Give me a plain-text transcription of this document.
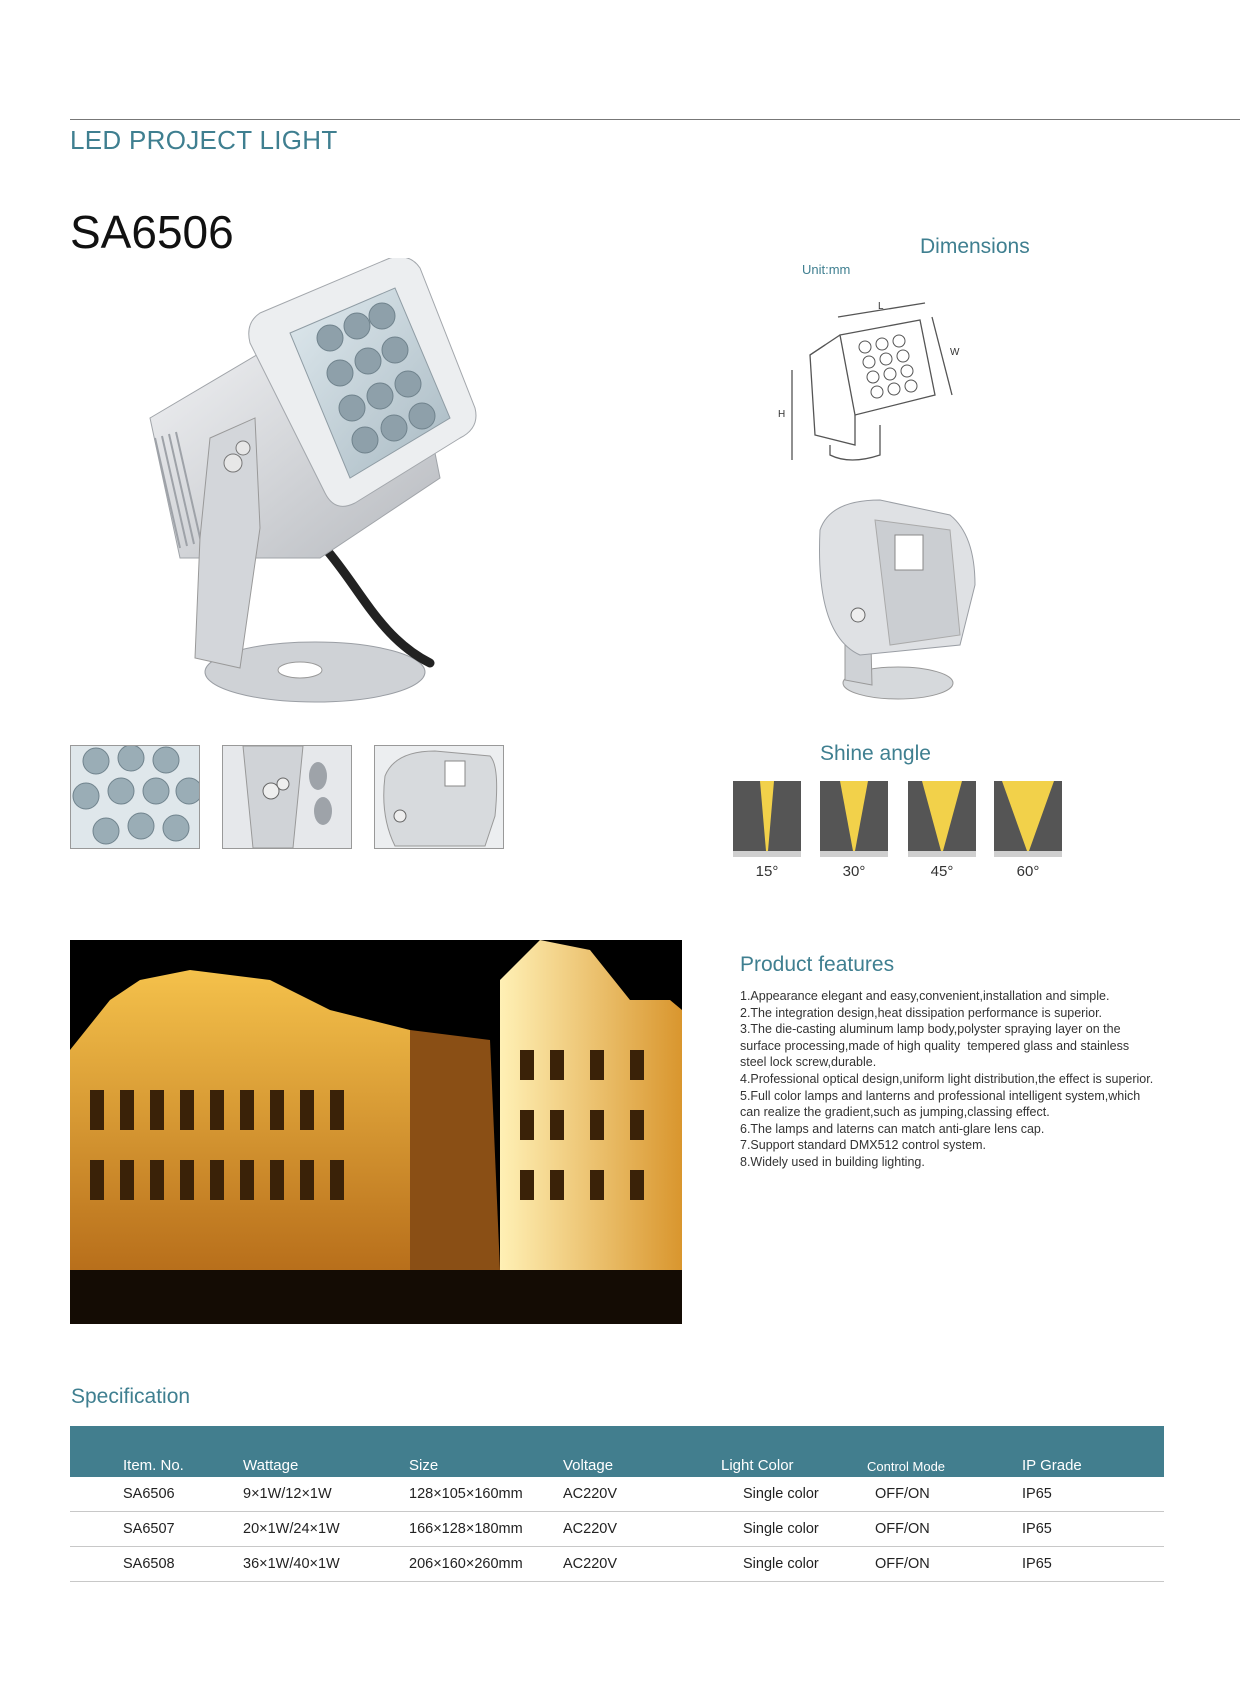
LED PROJECT LIGHT
SA6506	Dimensions
Unit:mm
L
W
H
Shine angle
15°	30°	45°	60°
Product features
1.Appearance elegant and easy,convenient,installation and simple.
2.The integration design,heat dissipation performance is superior.
3.The die-casting aluminum lamp body,polyster spraying layer on the
surface processing,made of high quality  tempered glass and stainless
steel lock screw,durable.
4.Professional optical design,uniform light distribution,the effect is superior.
5.Full color lamps and lanterns and professional intelligent system,which
can realize the gradient,such as jumping,classing effect.
6.The lamps and laterns can match anti-glare lens cap.
7.Support standard DMX512 control system.
8.Widely used in building lighting.
Specification
	Item. No.	Wattage	Size	Voltage	Light Color	Control Mode	IP Grade
	SA6506	9×1W/12×1W	128×105×160mm	AC220V	Single color	OFF/ON	IP65
	SA6507	20×1W/24×1W	166×128×180mm	AC220V	Single color	OFF/ON	IP65
	SA6508	36×1W/40×1W	206×160×260mm	AC220V	Single color	OFF/ON	IP65
